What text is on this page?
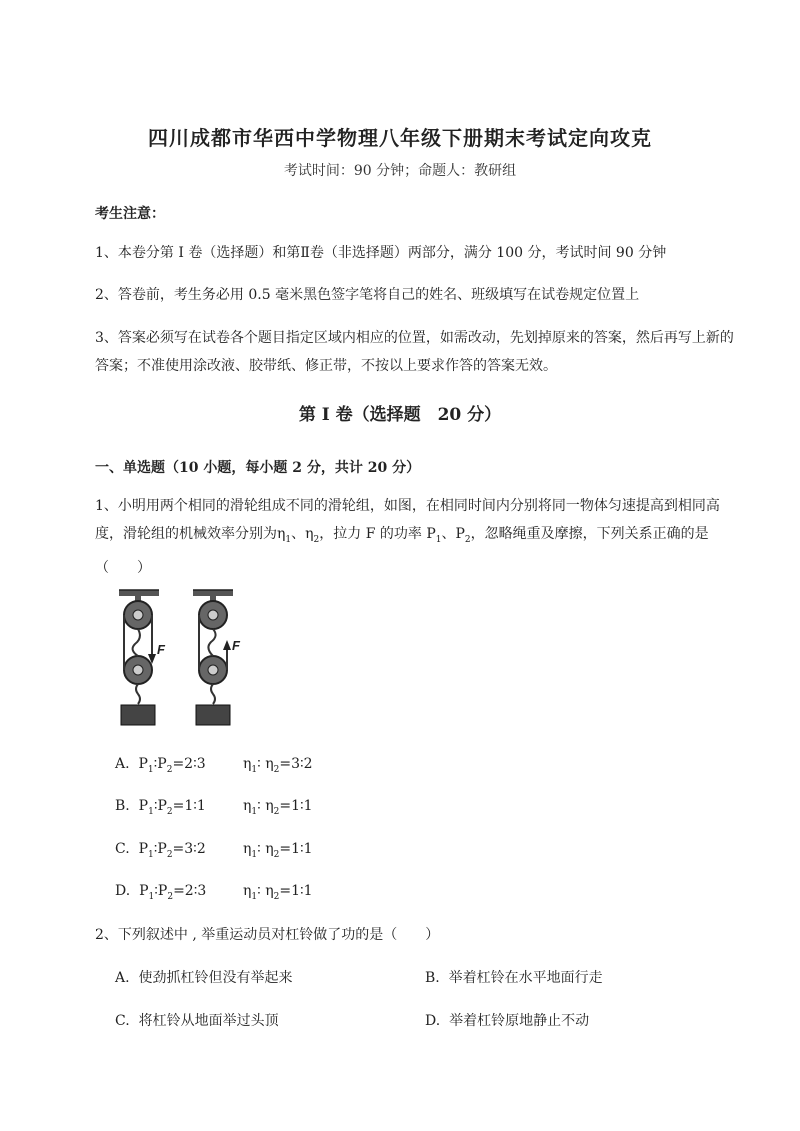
四川成都市华西中学物理八年级下册期末考试定向攻克
考试时间：90 分钟；命题人：教研组
考生注意：
1、本卷分第 I 卷（选择题）和第Ⅱ卷（非选择题）两部分，满分 100 分，考试时间 90 分钟
2、答卷前，考生务必用 0.5 毫米黑色签字笔将自己的姓名、班级填写在试卷规定位置上
3、答案必须写在试卷各个题目指定区域内相应的位置，如需改动，先划掉原来的答案，然后再写上新的答案；不准使用涂改液、胶带纸、修正带，不按以上要求作答的答案无效。
第 I 卷（选择题　20 分）
一、单选题（10 小题，每小题 2 分，共计 20 分）
1、小明用两个相同的滑轮组成不同的滑轮组，如图，在相同时间内分别将同一物体匀速提高到相同高度，滑轮组的机械效率分别为$\eta_1$、$\eta_2$，拉力 F 的功率 $P_1$、$P_2$，忽略绳重及摩擦，下列关系正确的是（　　）
F	F
A. $P_1∶P_2=2∶3$	$\eta_1∶$ $\eta_2=3∶2$
B. $P_1∶P_2=1∶1$	$\eta_1∶$ $\eta_2=1∶1$
C. $P_1∶P_2=3∶2$	$\eta_1∶$ $\eta_2=1∶1$
D. $P_1∶P_2=2∶3$	$\eta_1∶$ $\eta_2=1∶1$
2、下列叙述中 , 举重运动员对杠铃做了功的是（　　）
A. 使劲抓杠铃但没有举起来	B. 举着杠铃在水平地面行走
C. 将杠铃从地面举过头顶	D. 举着杠铃原地静止不动
